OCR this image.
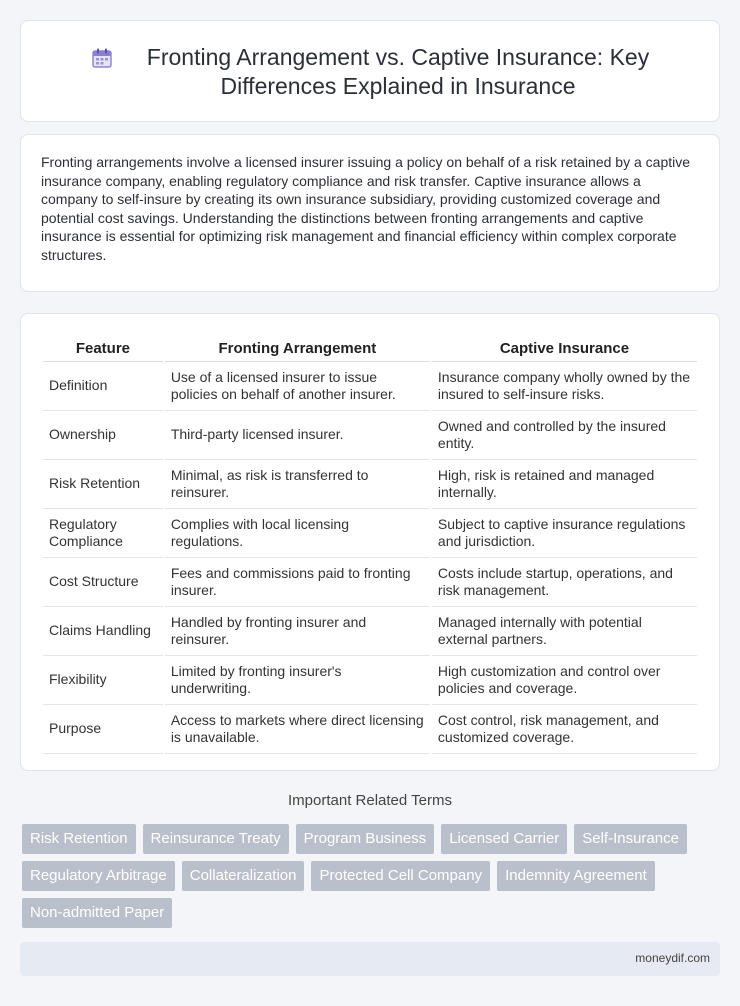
Fronting Arrangement vs. Captive Insurance: Key
Differences Explained in Insurance

Fronting arrangements involve a licensed insurer issuing a policy on behalf of a risk retained by a captive insurance company, enabling regulatory compliance and risk transfer. Captive insurance allows a company to self-insure by creating its own insurance subsidiary, providing customized coverage and potential cost savings. Understanding the distinctions between fronting arrangements and captive insurance is essential for optimizing risk management and financial efficiency within complex corporate structures.

Feature	Fronting Arrangement	Captive Insurance
Definition	Use of a licensed insurer to issue policies on behalf of another insurer.	Insurance company wholly owned by the insured to self-insure risks.
Ownership	Third-party licensed insurer.	Owned and controlled by the insured entity.
Risk Retention	Minimal, as risk is transferred to reinsurer.	High, risk is retained and managed internally.
Regulatory Compliance	Complies with local licensing regulations.	Subject to captive insurance regulations and jurisdiction.
Cost Structure	Fees and commissions paid to fronting insurer.	Costs include startup, operations, and risk management.
Claims Handling	Handled by fronting insurer and reinsurer.	Managed internally with potential external partners.
Flexibility	Limited by fronting insurer's underwriting.	High customization and control over policies and coverage.
Purpose	Access to markets where direct licensing is unavailable.	Cost control, risk management, and customized coverage.
Important Related Terms
Risk Retention	Reinsurance Treaty	Program Business	Licensed Carrier	Self-Insurance
Regulatory Arbitrage	Collateralization	Protected Cell Company	Indemnity Agreement
Non-admitted Paper
moneydif.com
